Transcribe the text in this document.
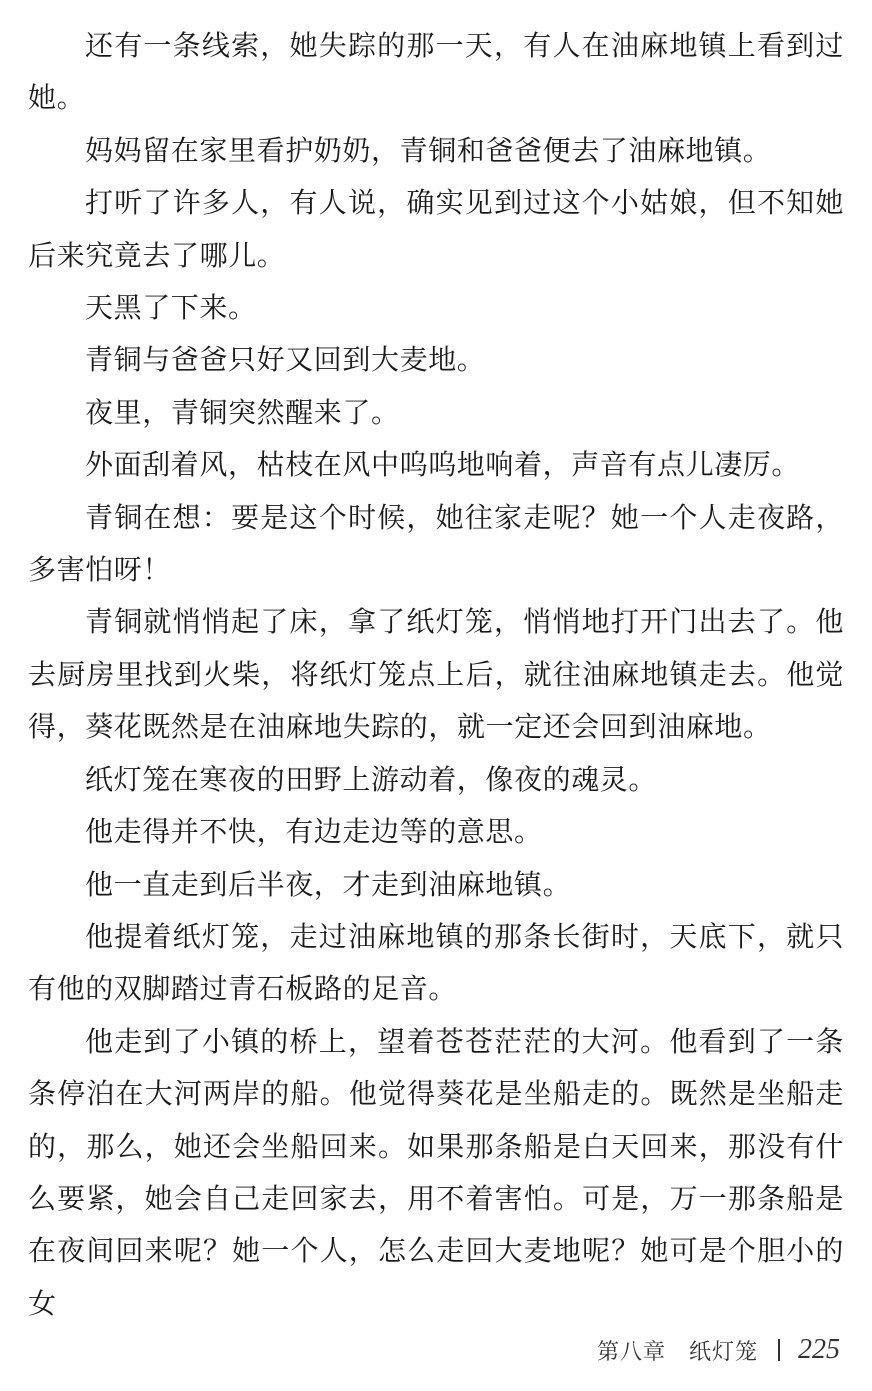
还有一条线索，她失踪的那一天，有人在油麻地镇上看到过她。

妈妈留在家里看护奶奶，青铜和爸爸便去了油麻地镇。

打听了许多人，有人说，确实见到过这个小姑娘，但不知她后来究竟去了哪儿。

天黑了下来。

青铜与爸爸只好又回到大麦地。

夜里，青铜突然醒来了。

外面刮着风，枯枝在风中呜呜地响着，声音有点儿凄厉。

青铜在想：要是这个时候，她往家走呢？她一个人走夜路，多害怕呀！

青铜就悄悄起了床，拿了纸灯笼，悄悄地打开门出去了。他去厨房里找到火柴，将纸灯笼点上后，就往油麻地镇走去。他觉得，葵花既然是在油麻地失踪的，就一定还会回到油麻地。

纸灯笼在寒夜的田野上游动着，像夜的魂灵。

他走得并不快，有边走边等的意思。

他一直走到后半夜，才走到油麻地镇。

他提着纸灯笼，走过油麻地镇的那条长街时，天底下，就只有他的双脚踏过青石板路的足音。

他走到了小镇的桥上，望着苍苍茫茫的大河。他看到了一条条停泊在大河两岸的船。他觉得葵花是坐船走的。既然是坐船走的，那么，她还会坐船回来。如果那条船是白天回来，那没有什么要紧，她会自己走回家去，用不着害怕。可是，万一那条船是在夜间回来呢？她一个人，怎么走回大麦地呢？她可是个胆小的女

第八章　纸灯笼 225
